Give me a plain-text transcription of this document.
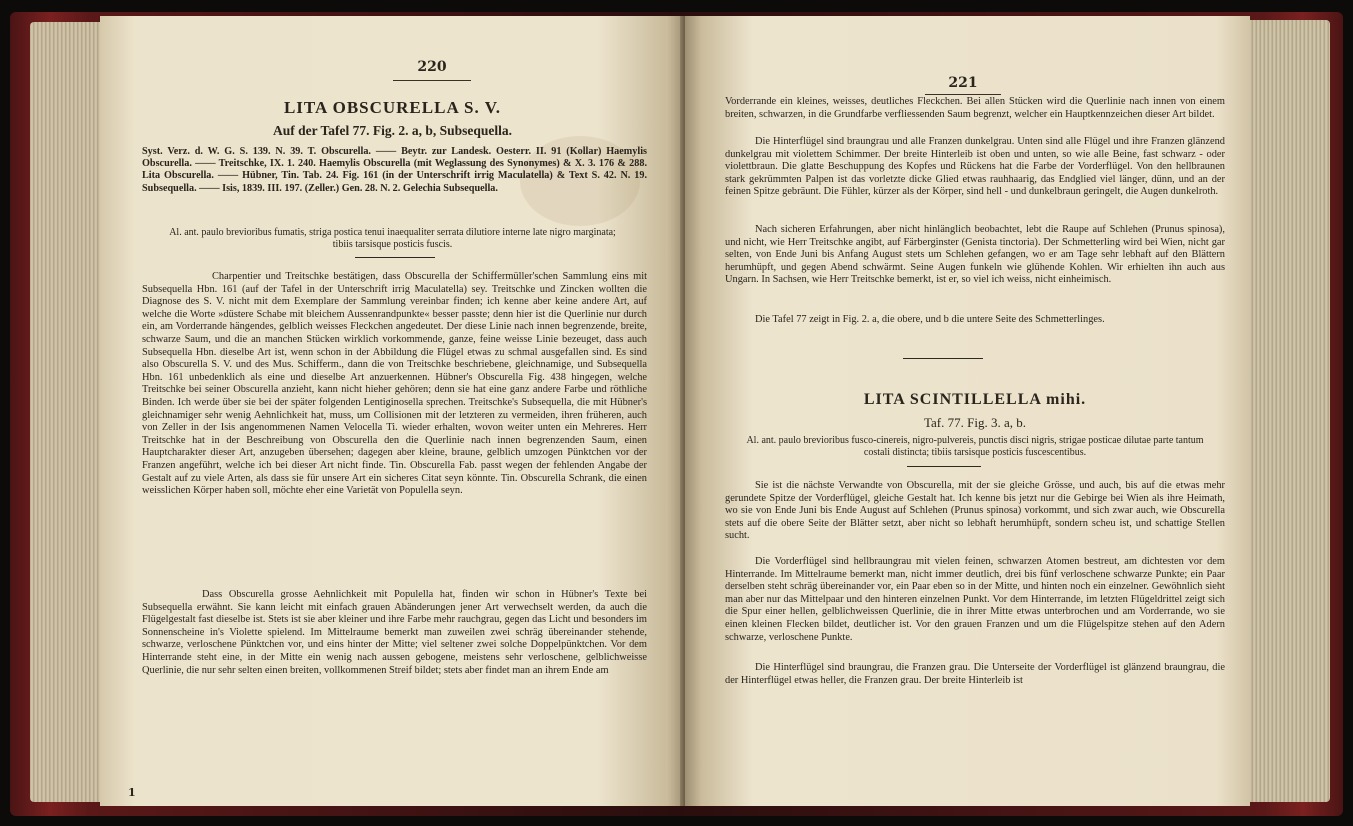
220
LITA OBSCURELLA S. V.
Auf der Tafel 77. Fig. 2. a, b, Subsequella.

Syst. Verz. d. W. G. S. 139. N. 39. T. Obscurella. —— Beytr. zur Landesk. Oesterr. II. 91 (Kollar) Haemylis Obscurella. —— Treitschke, IX. 1. 240. Haemylis Obscurella (mit Weglassung des Synonymes) & X. 3. 176 & 288. Lita Obscurella. —— Hübner, Tin. Tab. 24. Fig. 161 (in der Unterschrift irrig Maculatella) & Text S. 42. N. 19. Subsequella. —— Isis, 1839. III. 197. (Zeller.) Gen. 28. N. 2. Gelechia Subsequella.

Al. ant. paulo brevioribus fumatis, striga postica tenui inaequaliter serrata dilutiore interne late nigro marginata; tibiis tarsisque posticis fuscis.

Charpentier und Treitschke bestätigen, dass Obscurella der Schiffermüller'schen Sammlung eins mit Subsequella Hbn. 161 (auf der Tafel in der Unterschrift irrig Maculatella) sey. Treitschke und Zincken wollten die Diagnose des S. V. nicht mit dem Exemplare der Sammlung vereinbar finden; ich kenne aber keine andere Art, auf welche die Worte »düstere Schabe mit bleichem Aussenrandpunkte« besser passte; denn hier ist die Querlinie nur durch ein, am Vorderrande hängendes, gelblich weisses Fleckchen angedeutet. Der diese Linie nach innen begrenzende, breite, schwarze Saum, und die an manchen Stücken wirklich vorkommende, ganze, feine weisse Linie bezeuget, dass auch Subsequella Hbn. dieselbe Art ist, wenn schon in der Abbildung die Flügel etwas zu schmal ausgefallen sind. Es sind also Obscurella S. V. und des Mus. Schifferm., dann die von Treitschke beschriebene, gleichnamige, und Subsequella Hbn. 161 unbedenklich als eine und dieselbe Art anzuerkennen. Hübner's Obscurella Fig. 438 hingegen, welche Treitschke bei seiner Obscurella anzieht, kann nicht hieher gehören; denn sie hat eine ganz andere Farbe und röthliche Binden. Ich werde über sie bei der später folgenden Lentiginosella sprechen. Treitschke's Subsequella, die mit Hübner's gleichnamiger sehr wenig Aehnlichkeit hat, muss, um Collisionen mit der letzteren zu vermeiden, ihren früheren, auch von Zeller in der Isis angenommenen Namen Velocella Ti. wieder erhalten, wovon weiter unten ein Mehreres. Herr Treitschke hat in der Beschreibung von Obscurella den die Querlinie nach innen begrenzenden Saum, einen Hauptcharakter dieser Art, anzugeben übersehen; dagegen aber kleine, braune, gelblich umzogen Pünktchen vor der Franzen angeführt, welche ich bei dieser Art nicht finde. Tin. Obscurella Fab. passt wegen der fehlenden Angabe der Gestalt auf zu viele Arten, als dass sie für unsere Art ein sicheres Citat seyn könnte. Tin. Obscurella Schrank, die einen weisslichen Körper haben soll, möchte eher eine Varietät von Populella seyn.

Dass Obscurella grosse Aehnlichkeit mit Populella hat, finden wir schon in Hübner's Texte bei Subsequella erwähnt. Sie kann leicht mit einfach grauen Abänderungen jener Art verwechselt werden, da auch die Flügelgestalt fast dieselbe ist. Stets ist sie aber kleiner und ihre Farbe mehr rauchgrau, gegen das Licht und besonders im Sonnenscheine in's Violette spielend. Im Mittelraume bemerkt man zuweilen zwei schräg übereinander stehende, schwarze, verloschene Pünktchen vor, und eins hinter der Mitte; viel seltener zwei solche Doppelpünktchen. Vor dem Hinterrande steht eine, in der Mitte ein wenig nach aussen gebogene, meistens sehr verloschene, gelblichweisse Querlinie, die nur sehr selten einen breiten, vollkommenen Streif bildet; stets aber findet man an ihrem Ende am

1
221

Vorderrande ein kleines, weisses, deutliches Fleckchen. Bei allen Stücken wird die Querlinie nach innen von einem breiten, schwarzen, in die Grundfarbe verfliessenden Saum begrenzt, welcher ein Hauptkennzeichen dieser Art bildet.

Die Hinterflügel sind braungrau und alle Franzen dunkelgrau. Unten sind alle Flügel und ihre Franzen glänzend dunkelgrau mit violettem Schimmer. Der breite Hinterleib ist oben und unten, so wie alle Beine, fast schwarz - oder violettbraun. Die glatte Beschuppung des Kopfes und Rückens hat die Farbe der Vorderflügel. Von den hellbraunen stark gekrümmten Palpen ist das vorletzte dicke Glied etwas rauhhaarig, das Endglied viel länger, dünn, und an der feinen Spitze gebräunt. Die Fühler, kürzer als der Körper, sind hell - und dunkelbraun geringelt, die Augen dunkelroth.

Nach sicheren Erfahrungen, aber nicht hinlänglich beobachtet, lebt die Raupe auf Schlehen (Prunus spinosa), und nicht, wie Herr Treitschke angibt, auf Färberginster (Genista tinctoria). Der Schmetterling wird bei Wien, nicht gar selten, von Ende Juni bis Anfang August stets um Schlehen gefangen, wo er am Tage sehr lebhaft auf den Blättern herumhüpft, und gegen Abend schwärmt. Seine Augen funkeln wie glühende Kohlen. Wir erhielten ihn auch aus Ungarn. In Sachsen, wie Herr Treitschke bemerkt, ist er, so viel ich weiss, nicht einheimisch.

Die Tafel 77 zeigt in Fig. 2. a, die obere, und b die untere Seite des Schmetterlinges.

LITA SCINTILLELLA mihi.
Taf. 77. Fig. 3. a, b.

Al. ant. paulo brevioribus fusco-cinereis, nigro-pulvereis, punctis disci nigris, strigae posticae dilutae parte tantum costali distincta; tibiis tarsisque posticis fuscescentibus.

Sie ist die nächste Verwandte von Obscurella, mit der sie gleiche Grösse, und auch, bis auf die etwas mehr gerundete Spitze der Vorderflügel, gleiche Gestalt hat. Ich kenne bis jetzt nur die Gebirge bei Wien als ihre Heimath, wo sie von Ende Juni bis Ende August auf Schlehen (Prunus spinosa) vorkommt, und sich zwar auch, wie Obscurella stets auf die obere Seite der Blätter setzt, aber nicht so lebhaft herumhüpft, sondern scheu ist, und schattige Stellen sucht.

Die Vorderflügel sind hellbraungrau mit vielen feinen, schwarzen Atomen bestreut, am dichtesten vor dem Hinterrande. Im Mittelraume bemerkt man, nicht immer deutlich, drei bis fünf verloschene schwarze Punkte; ein Paar derselben steht schräg übereinander vor, ein Paar eben so in der Mitte, und hinten noch ein einzelner. Gewöhnlich sieht man aber nur das Mittelpaar und den hinteren einzelnen Punkt. Vor dem Hinterrande, im letzten Flügeldrittel zeigt sich die Spur einer hellen, gelblichweissen Querlinie, die in ihrer Mitte etwas unterbrochen und am Vorderrande, wo sie einen kleinen Flecken bildet, deutlicher ist. Vor den grauen Franzen und um die Flügelspitze stehen auf den Adern schwarze, verloschene Punkte.

Die Hinterflügel sind braungrau, die Franzen grau. Die Unterseite der Vorderflügel ist glänzend braungrau, die der Hinterflügel etwas heller, die Franzen grau. Der breite Hinterleib ist
